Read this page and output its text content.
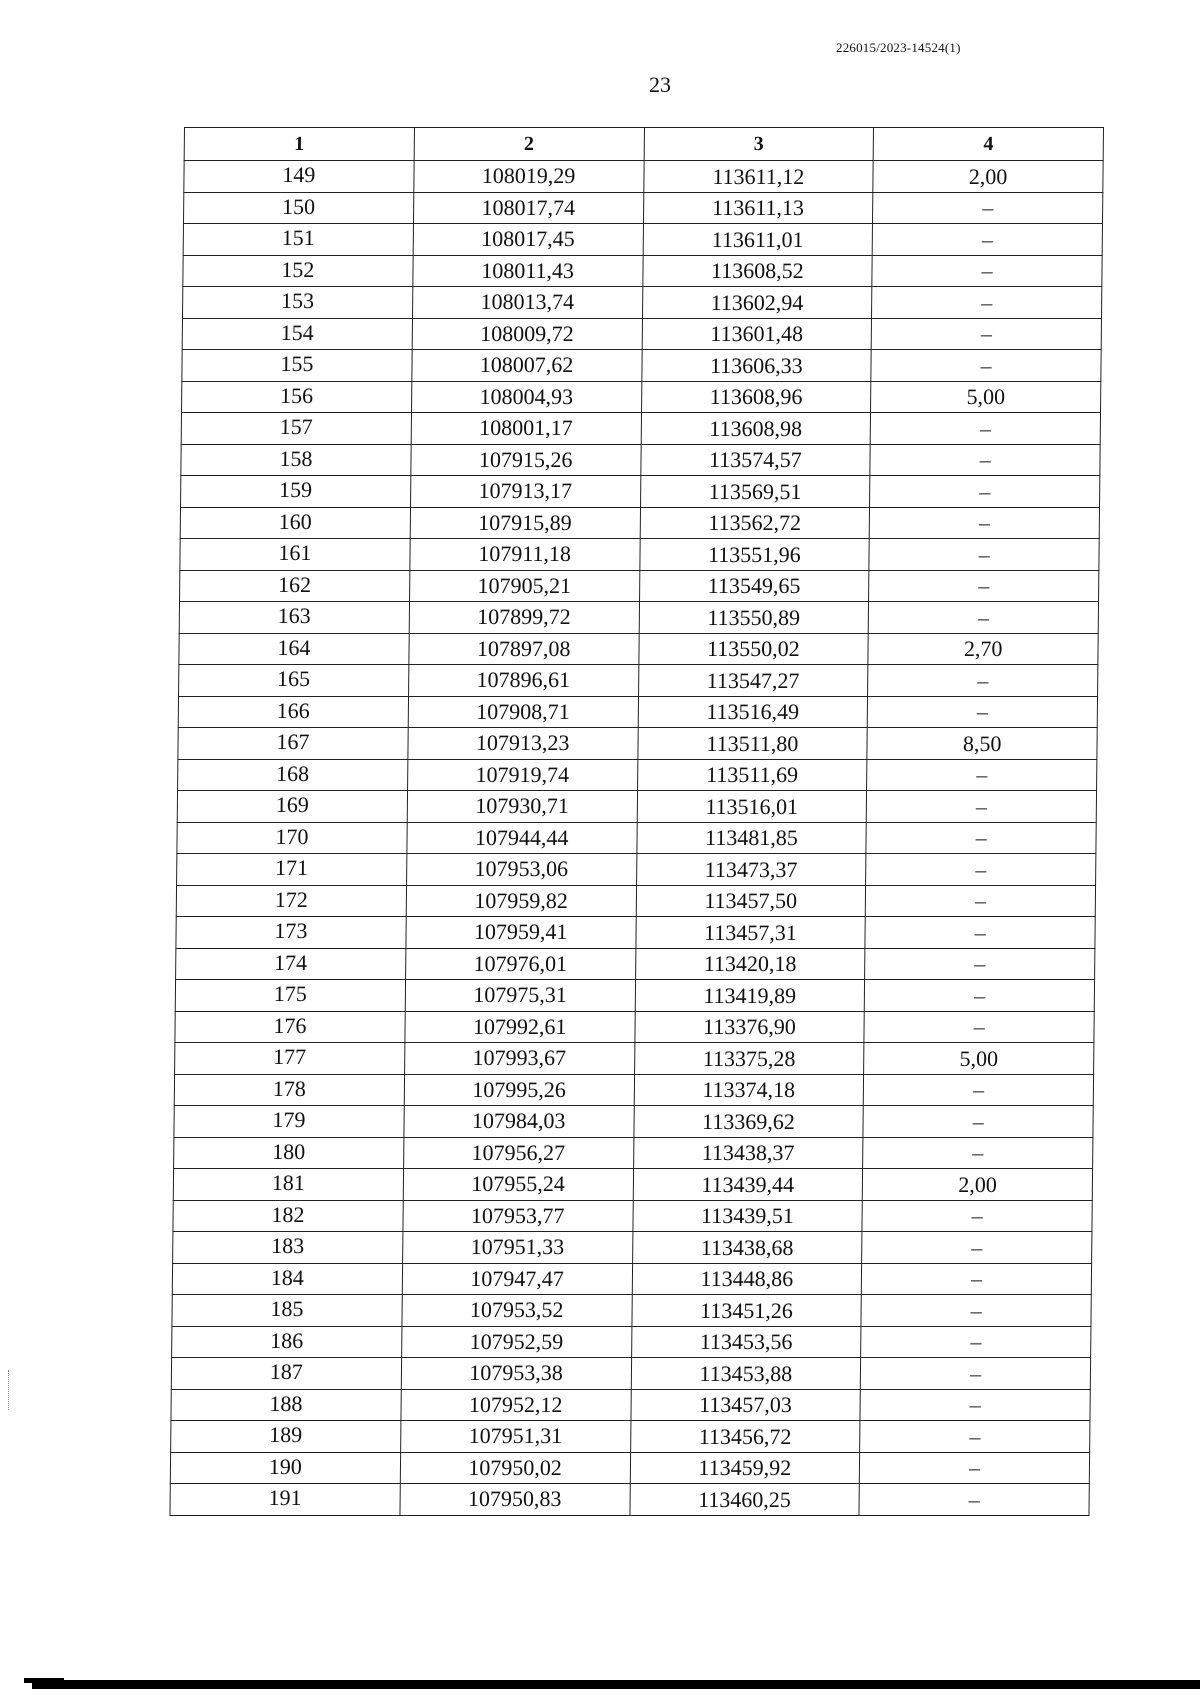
226015/2023-14524(1)
23
1	2	3	4
149	108019,29	113611,12	2,00
150	108017,74	113611,13	–
151	108017,45	113611,01	–
152	108011,43	113608,52	–
153	108013,74	113602,94	–
154	108009,72	113601,48	–
155	108007,62	113606,33	–
156	108004,93	113608,96	5,00
157	108001,17	113608,98	–
158	107915,26	113574,57	–
159	107913,17	113569,51	–
160	107915,89	113562,72	–
161	107911,18	113551,96	–
162	107905,21	113549,65	–
163	107899,72	113550,89	–
164	107897,08	113550,02	2,70
165	107896,61	113547,27	–
166	107908,71	113516,49	–
167	107913,23	113511,80	8,50
168	107919,74	113511,69	–
169	107930,71	113516,01	–
170	107944,44	113481,85	–
171	107953,06	113473,37	–
172	107959,82	113457,50	–
173	107959,41	113457,31	–
174	107976,01	113420,18	–
175	107975,31	113419,89	–
176	107992,61	113376,90	–
177	107993,67	113375,28	5,00
178	107995,26	113374,18	–
179	107984,03	113369,62	–
180	107956,27	113438,37	–
181	107955,24	113439,44	2,00
182	107953,77	113439,51	–
183	107951,33	113438,68	–
184	107947,47	113448,86	–
185	107953,52	113451,26	–
186	107952,59	113453,56	–
187	107953,38	113453,88	–
188	107952,12	113457,03	–
189	107951,31	113456,72	–
190	107950,02	113459,92	–
191	107950,83	113460,25	–
